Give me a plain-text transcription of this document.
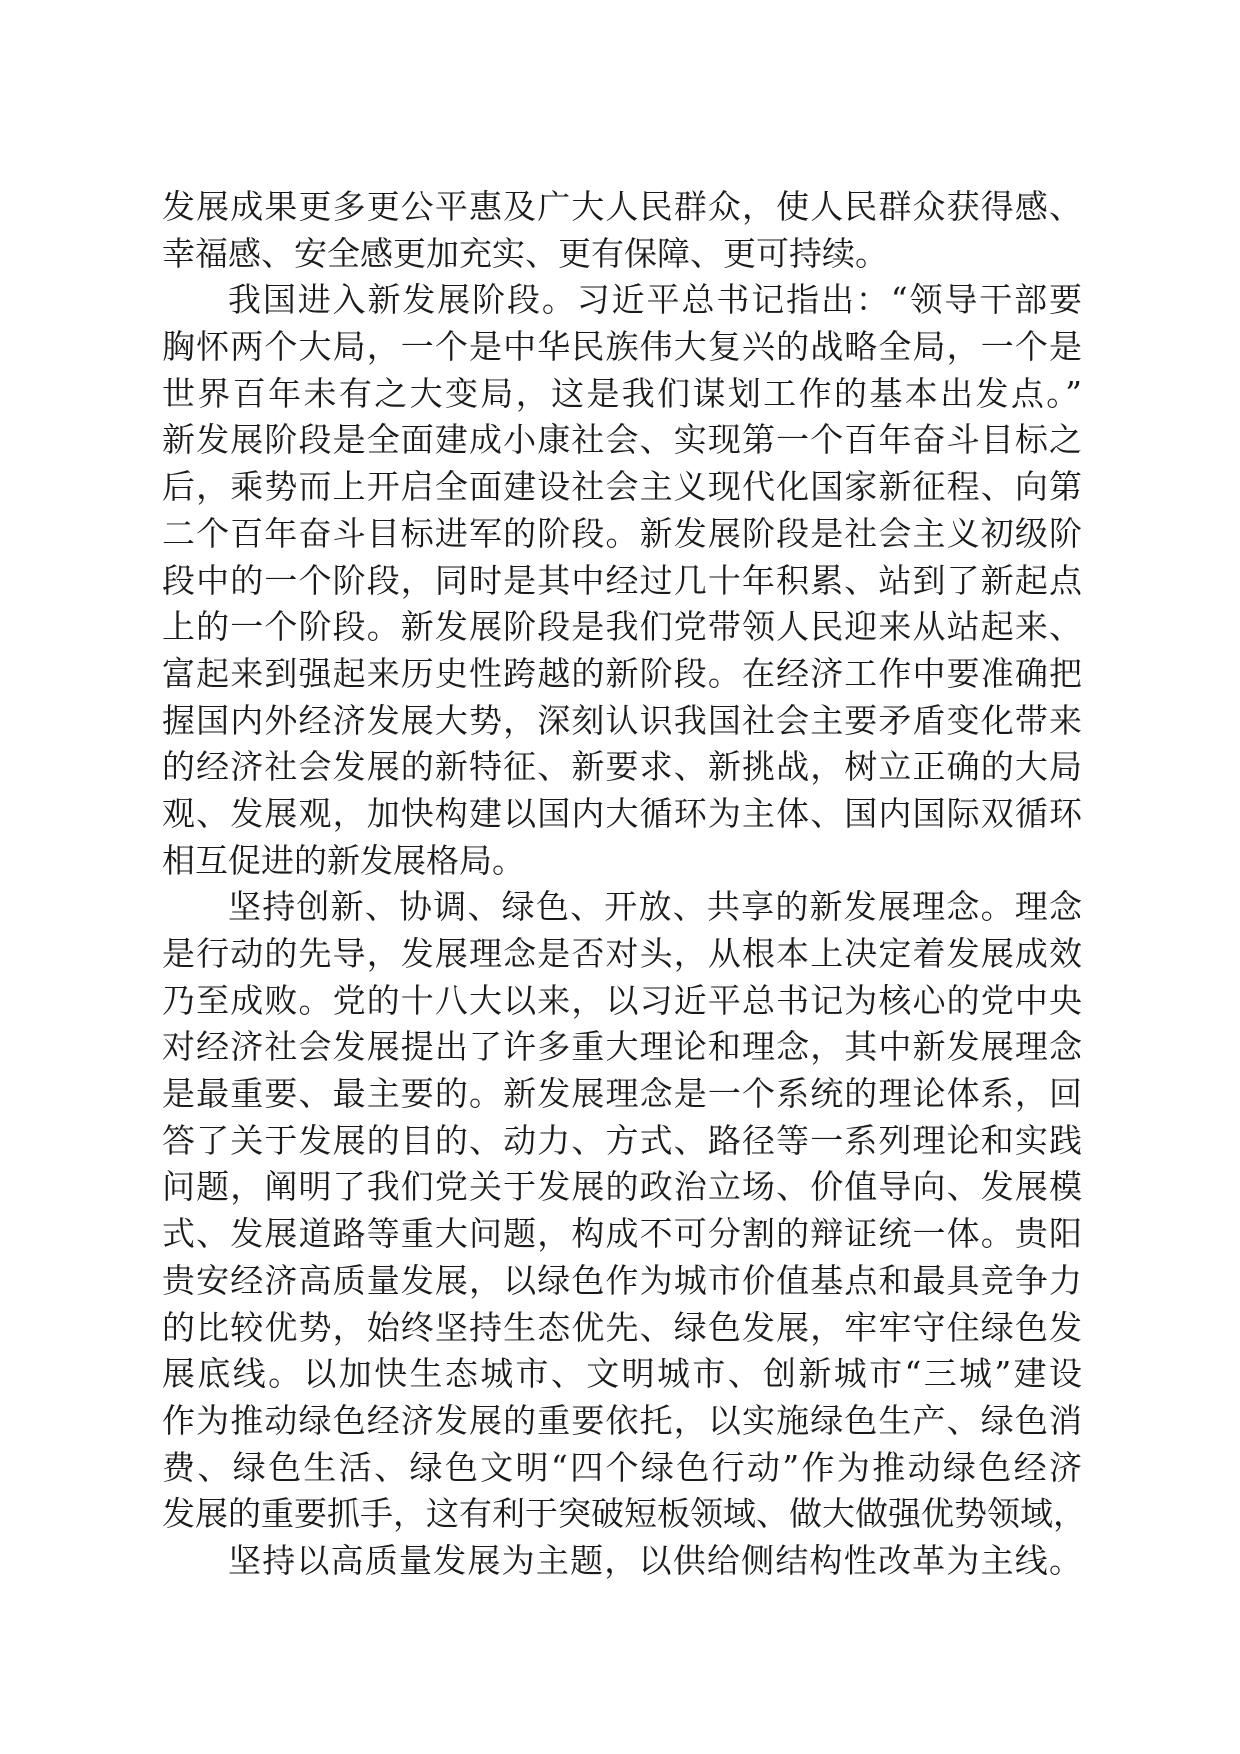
发展成果更多更公平惠及广大人民群众，使人民群众获得感、
幸福感、安全感更加充实、更有保障、更可持续。
我国进入新发展阶段。习近平总书记指出：“领导干部要
胸怀两个大局，一个是中华民族伟大复兴的战略全局，一个是
世界百年未有之大变局，这是我们谋划工作的基本出发点。”
新发展阶段是全面建成小康社会、实现第一个百年奋斗目标之
后，乘势而上开启全面建设社会主义现代化国家新征程、向第
二个百年奋斗目标进军的阶段。新发展阶段是社会主义初级阶
段中的一个阶段，同时是其中经过几十年积累、站到了新起点
上的一个阶段。新发展阶段是我们党带领人民迎来从站起来、
富起来到强起来历史性跨越的新阶段。在经济工作中要准确把
握国内外经济发展大势，深刻认识我国社会主要矛盾变化带来
的经济社会发展的新特征、新要求、新挑战，树立正确的大局
观、发展观，加快构建以国内大循环为主体、国内国际双循环
相互促进的新发展格局。
坚持创新、协调、绿色、开放、共享的新发展理念。理念
是行动的先导，发展理念是否对头，从根本上决定着发展成效
乃至成败。党的十八大以来，以习近平总书记为核心的党中央
对经济社会发展提出了许多重大理论和理念，其中新发展理念
是最重要、最主要的。新发展理念是一个系统的理论体系，回
答了关于发展的目的、动力、方式、路径等一系列理论和实践
问题，阐明了我们党关于发展的政治立场、价值导向、发展模
式、发展道路等重大问题，构成不可分割的辩证统一体。贵阳
贵安经济高质量发展，以绿色作为城市价值基点和最具竞争力
的比较优势，始终坚持生态优先、绿色发展，牢牢守住绿色发
展底线。以加快生态城市、文明城市、创新城市“三城”建设
作为推动绿色经济发展的重要依托，以实施绿色生产、绿色消
费、绿色生活、绿色文明“四个绿色行动”作为推动绿色经济
发展的重要抓手，这有利于突破短板领域、做大做强优势领域，
坚持以高质量发展为主题，以供给侧结构性改革为主线。
